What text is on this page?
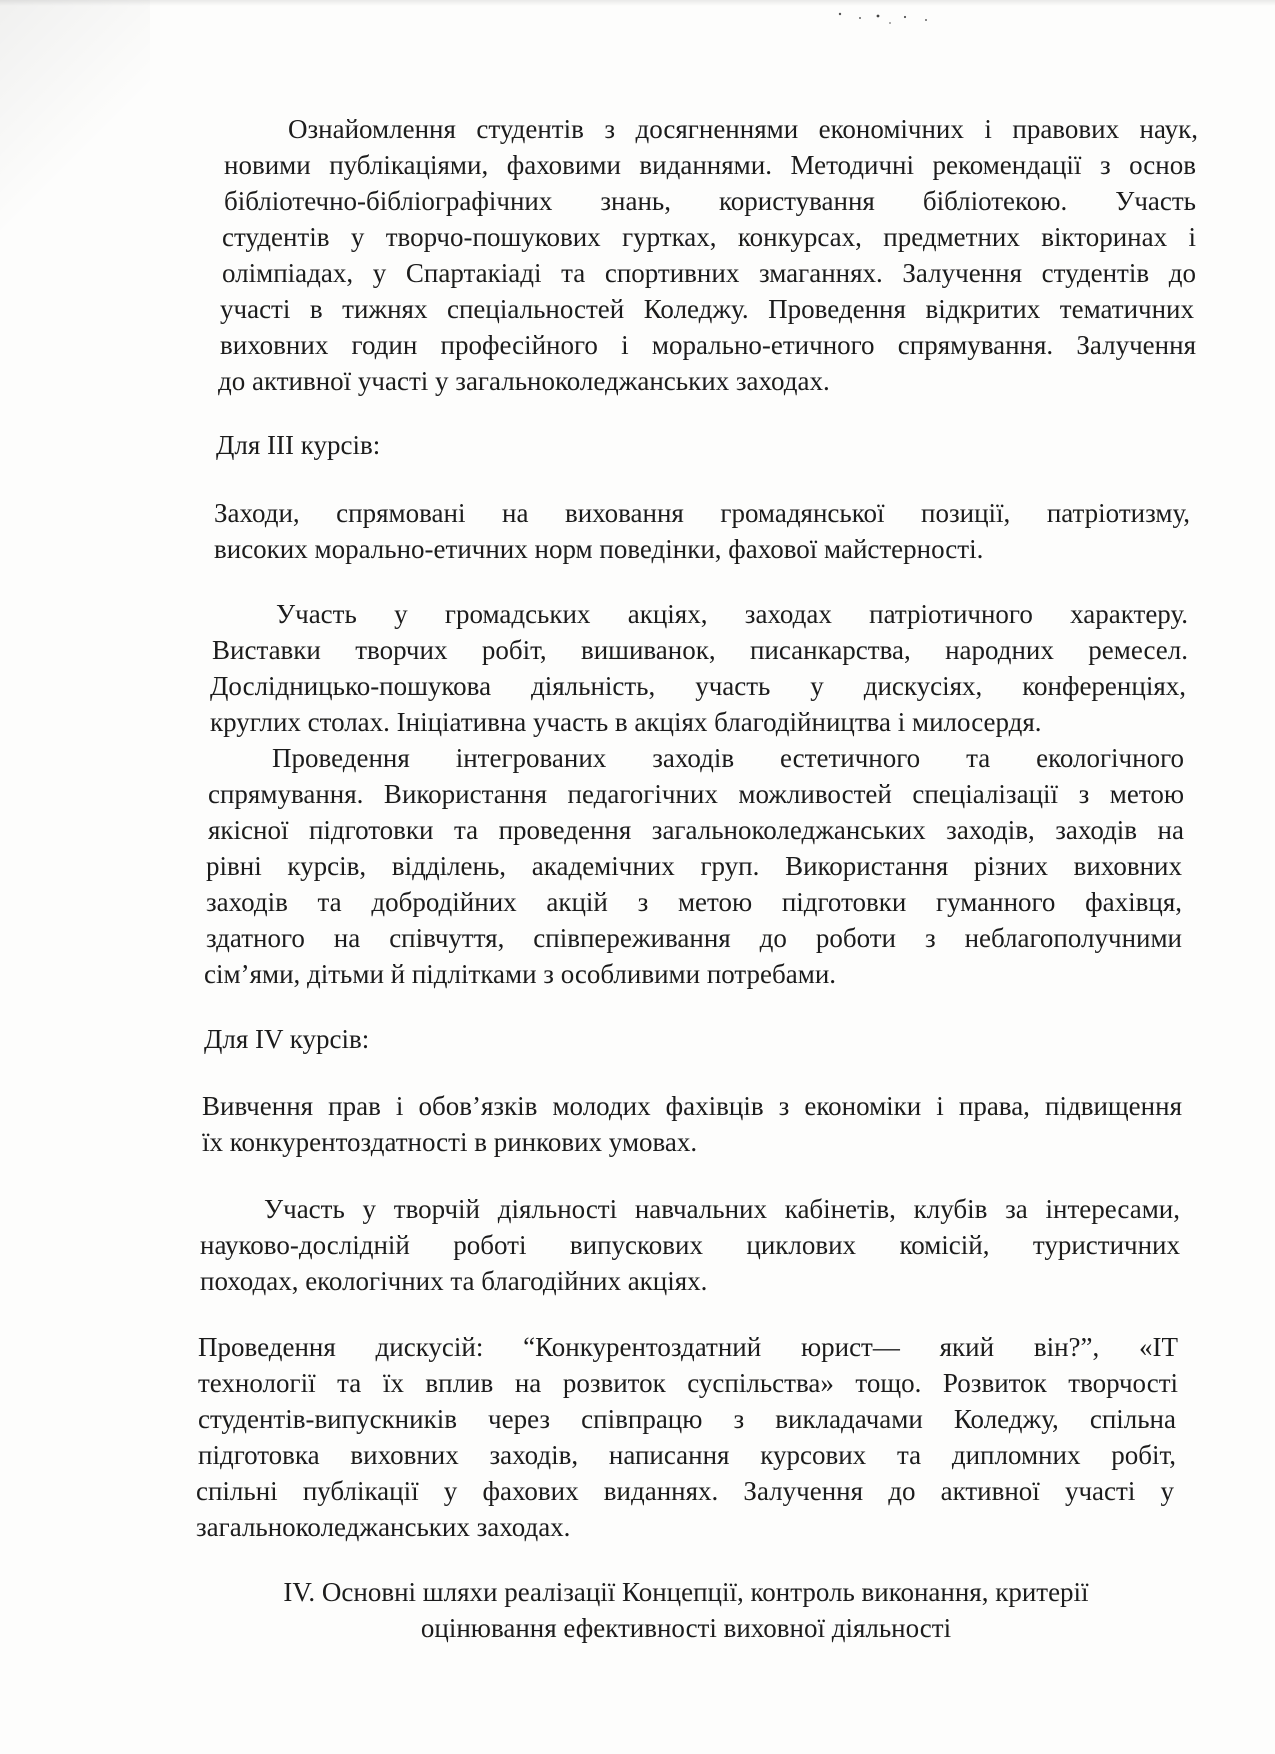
Ознайомлення студентів з досягненнями економічних і правових наук,
новими публікаціями, фаховими виданнями. Методичні рекомендації з основ
бібліотечно-бібліографічних знань, користування бібліотекою. Участь
студентів у творчо-пошукових гуртках, конкурсах, предметних вікторинах і
олімпіадах, у Спартакіаді та спортивних змаганнях. Залучення студентів до
участі в тижнях спеціальностей Коледжу. Проведення відкритих тематичних
виховних годин професійного і морально-етичного спрямування. Залучення
до активної участі у загальноколеджанських заходах.
Для ІІІ курсів:
Заходи, спрямовані на виховання громадянської позиції, патріотизму,
високих морально-етичних норм поведінки, фахової майстерності.
Участь у громадських акціях, заходах патріотичного характеру.
Виставки творчих робіт, вишиванок, писанкарства, народних ремесел.
Дослідницько-пошукова діяльність, участь у дискусіях, конференціях,
круглих столах. Ініціативна участь в акціях благодійництва і милосердя.
Проведення інтегрованих заходів естетичного та екологічного
спрямування. Використання педагогічних можливостей спеціалізації з метою
якісної підготовки та проведення загальноколеджанських заходів, заходів на
рівні курсів, відділень, академічних груп. Використання різних виховних
заходів та добродійних акцій з метою підготовки гуманного фахівця,
здатного на співчуття, співпереживання до роботи з неблагополучними
сім’ями, дітьми й підлітками з особливими потребами.
Для IV курсів:
Вивчення прав і обов’язків молодих фахівців з економіки і права, підвищення
їх конкурентоздатності в ринкових умовах.
Участь у творчій діяльності навчальних кабінетів, клубів за інтересами,
науково-дослідній роботі випускових циклових комісій, туристичних
походах, екологічних та благодійних акціях.
Проведення дискусій: “Конкурентоздатний юрист— який він?”, «ІТ
технології та їх вплив на розвиток суспільства» тощо. Розвиток творчості
студентів-випускників через співпрацю з викладачами Коледжу, спільна
підготовка виховних заходів, написання курсових та дипломних робіт,
спільні публікації у фахових виданнях. Залучення до активної участі у
загальноколеджанських заходах.
ІV. Основні шляхи реалізації Концепції, контроль виконання, критерії
оцінювання ефективності виховної діяльності
